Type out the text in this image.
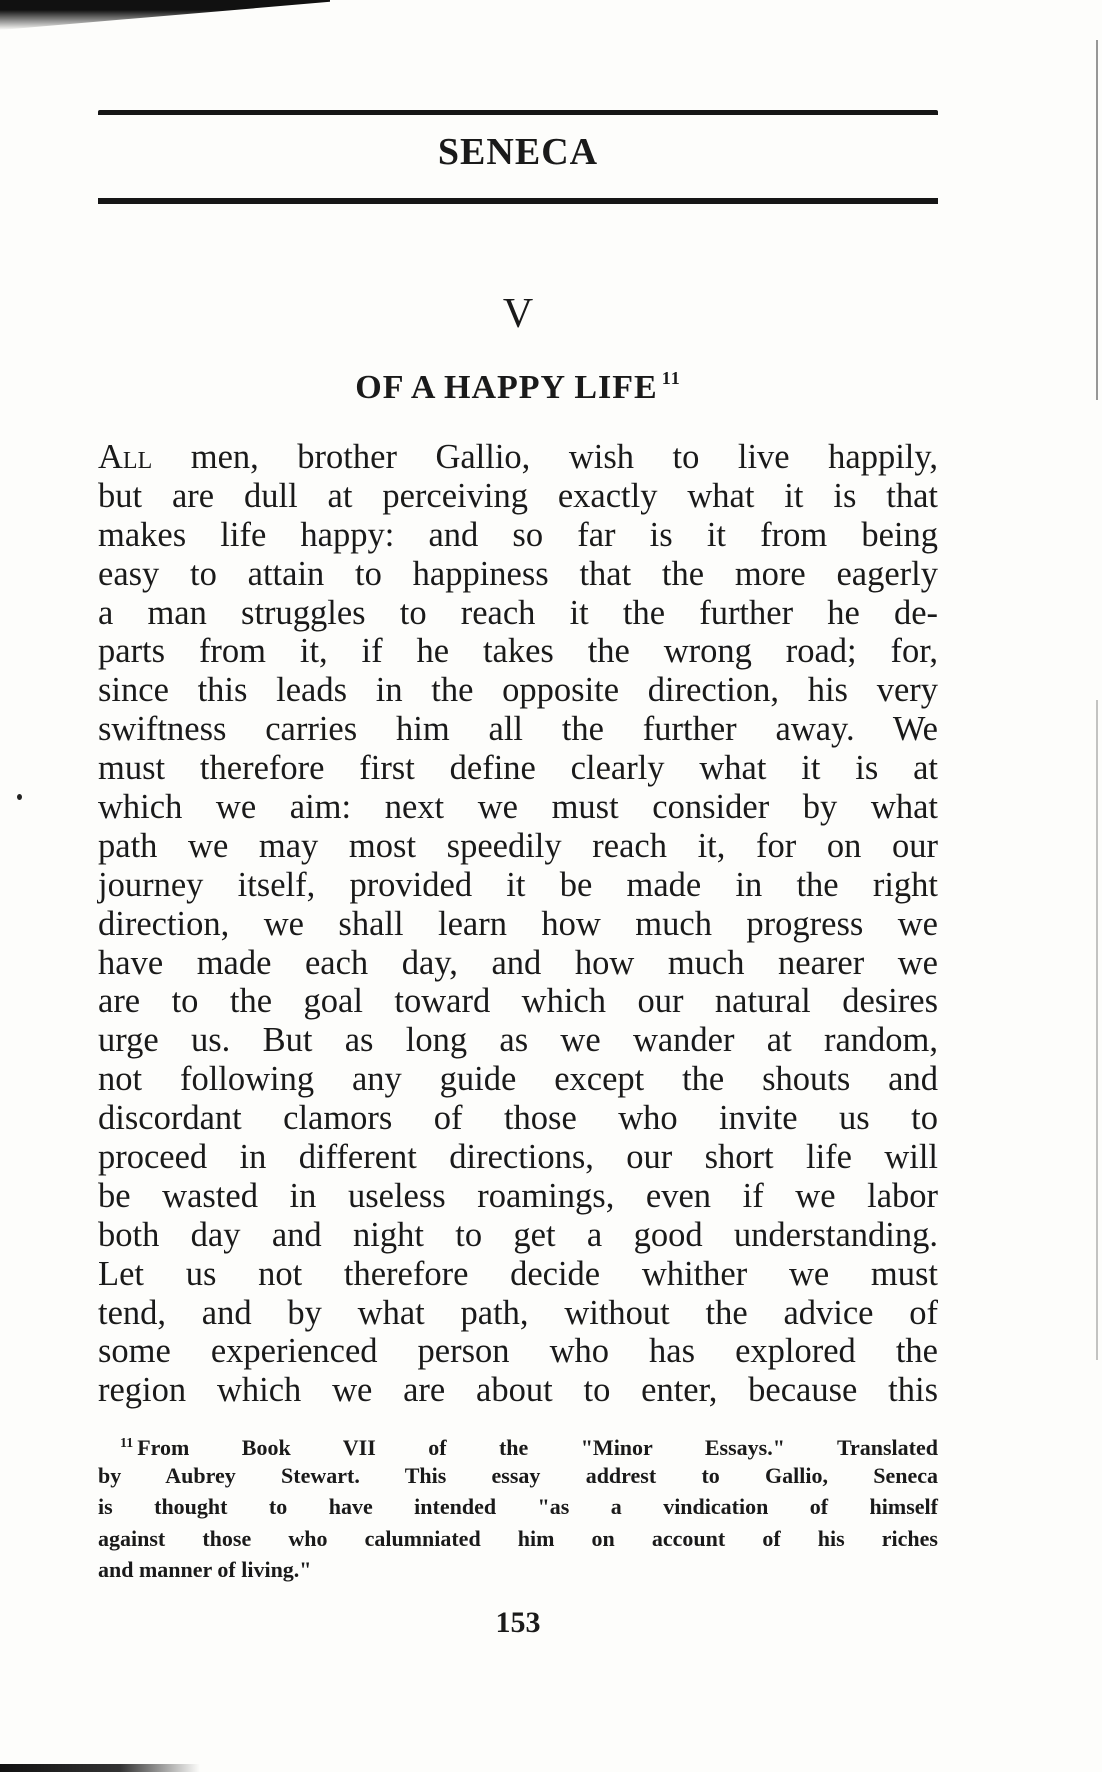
SENECA
V
OF A HAPPY LIFE $^{11}$
All men, brother Gallio, wish to live happily,
but are dull at perceiving exactly what it is that
makes life happy: and so far is it from being
easy to attain to happiness that the more eagerly
a man struggles to reach it the further he de-
parts from it, if he takes the wrong road; for,
since this leads in the opposite direction, his very
swiftness carries him all the further away. We
must therefore first define clearly what it is at
which we aim: next we must consider by what
path we may most speedily reach it, for on our
journey itself, provided it be made in the right
direction, we shall learn how much progress we
have made each day, and how much nearer we
are to the goal toward which our natural desires
urge us. But as long as we wander at random,
not following any guide except the shouts and
discordant clamors of those who invite us to
proceed in different directions, our short life will
be wasted in useless roamings, even if we labor
both day and night to get a good understanding.
Let us not therefore decide whither we must
tend, and by what path, without the advice of
some experienced person who has explored the
region which we are about to enter, because this
$^{11}$ From Book VII of the "Minor Essays." Translated
by Aubrey Stewart. This essay addrest to Gallio, Seneca
is thought to have intended "as a vindication of himself
against those who calumniated him on account of his riches
and manner of living."
153
